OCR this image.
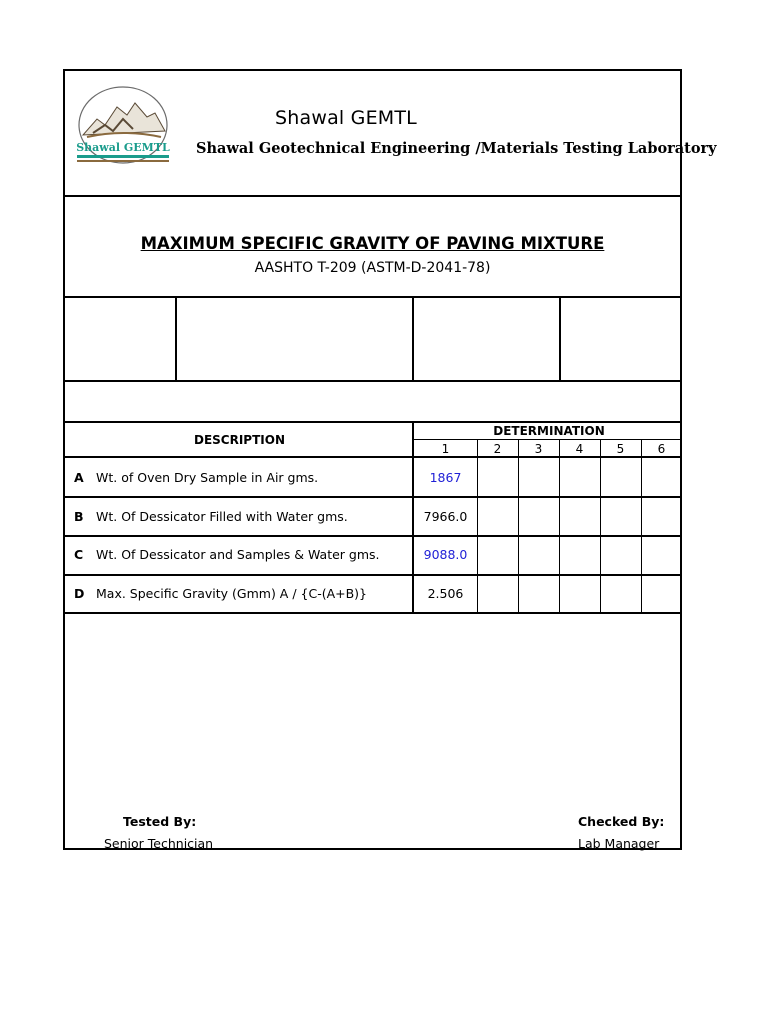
Shawal GEMTL
Shawal GEMTL
Shawal Geotechnical Engineering /Materials Testing Laboratory
MAXIMUM SPECIFIC GRAVITY OF PAVING MIXTURE
AASHTO T-209 (ASTM-D-2041-78)
DESCRIPTION
DETERMINATION
1	2	3	4	5	6
A Wt. of Oven Dry Sample in Air gms.	1867
B Wt. Of Dessicator Filled with Water gms.	7966.0
C Wt. Of Dessicator and Samples & Water gms.	9088.0
D Max. Specific Gravity (Gmm) A / {C-(A+B)}	2.506
Tested By:
Senior Technician
Checked By:
Lab Manager
